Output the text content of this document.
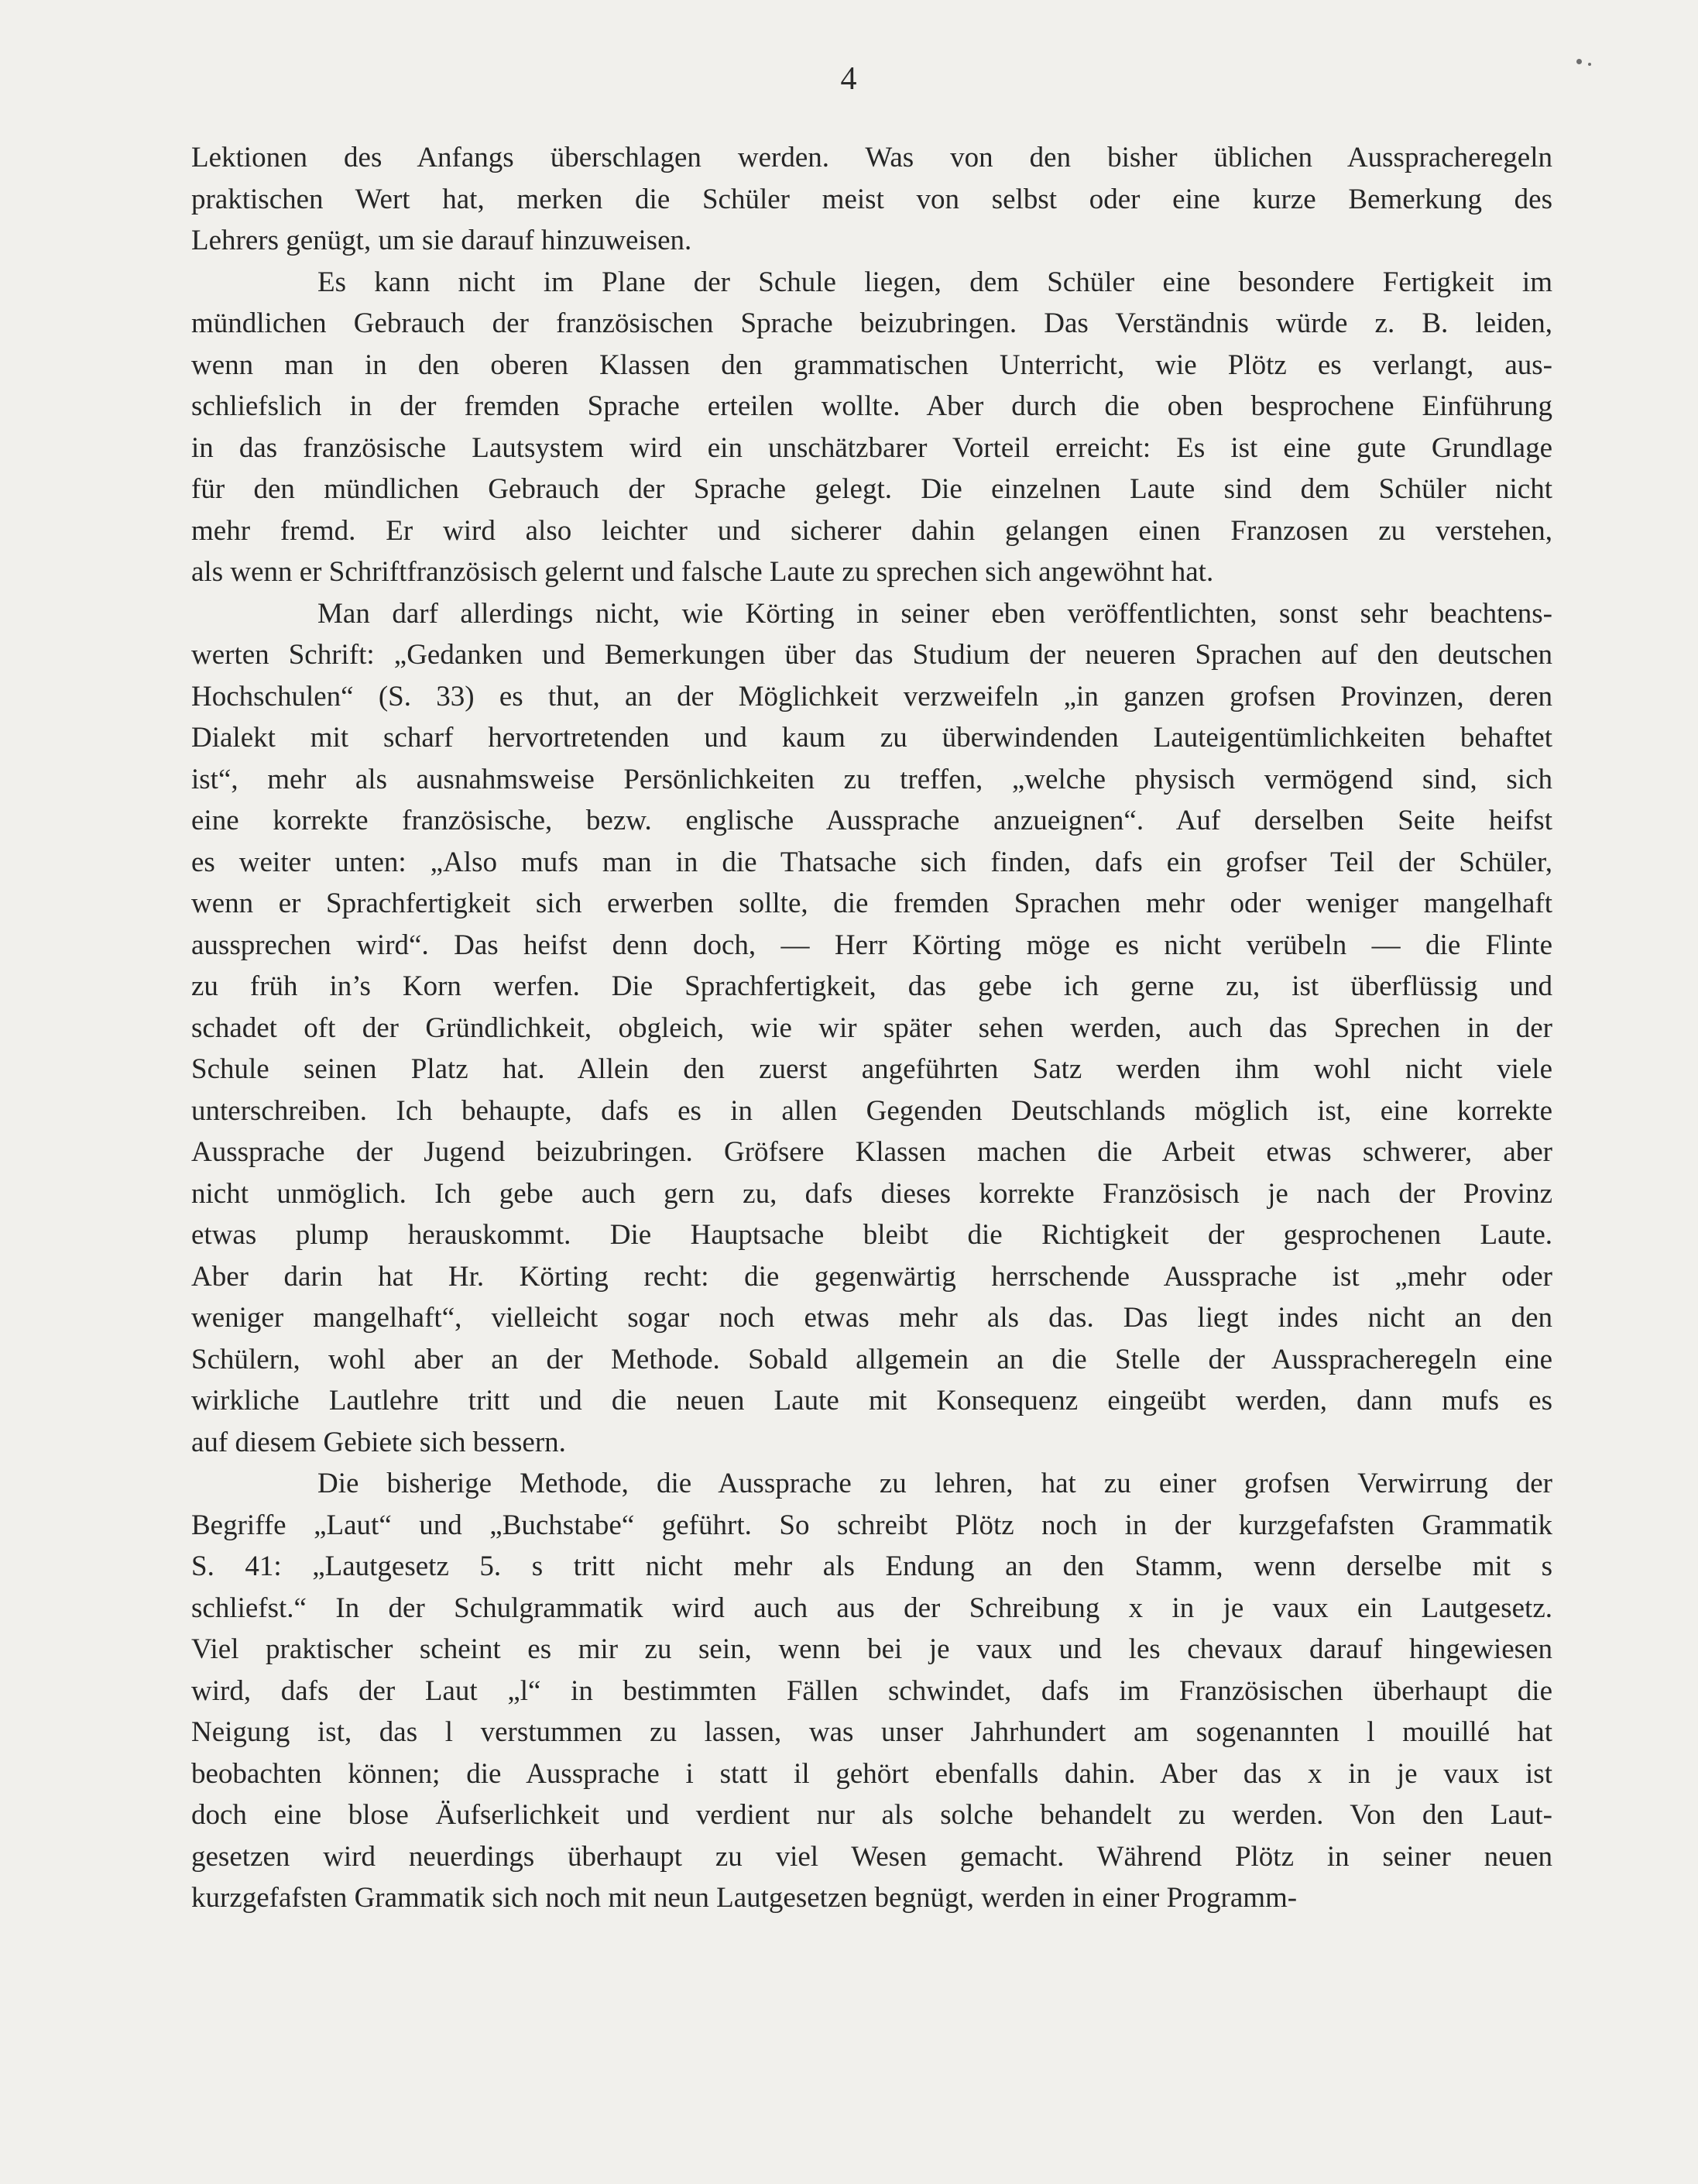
4
Lektionen des Anfangs überschlagen werden. Was von den bisher üblichen Ausspracheregeln
praktischen Wert hat, merken die Schüler meist von selbst oder eine kurze Bemerkung des
Lehrers genügt, um sie darauf hinzuweisen.
Es kann nicht im Plane der Schule liegen, dem Schüler eine besondere Fertigkeit im
mündlichen Gebrauch der französischen Sprache beizubringen. Das Verständnis würde z. B. leiden,
wenn man in den oberen Klassen den grammatischen Unterricht, wie Plötz es verlangt, aus-
schliefslich in der fremden Sprache erteilen wollte. Aber durch die oben besprochene Einführung
in das französische Lautsystem wird ein unschätzbarer Vorteil erreicht: Es ist eine gute Grundlage
für den mündlichen Gebrauch der Sprache gelegt. Die einzelnen Laute sind dem Schüler nicht
mehr fremd. Er wird also leichter und sicherer dahin gelangen einen Franzosen zu verstehen,
als wenn er Schriftfranzösisch gelernt und falsche Laute zu sprechen sich angewöhnt hat.
Man darf allerdings nicht, wie Körting in seiner eben veröffentlichten, sonst sehr beachtens-
werten Schrift: „Gedanken und Bemerkungen über das Studium der neueren Sprachen auf den deutschen
Hochschulen“ (S. 33) es thut, an der Möglichkeit verzweifeln „in ganzen grofsen Provinzen, deren
Dialekt mit scharf hervortretenden und kaum zu überwindenden Lauteigentümlichkeiten behaftet
ist“, mehr als ausnahmsweise Persönlichkeiten zu treffen, „welche physisch vermögend sind, sich
eine korrekte französische, bezw. englische Aussprache anzueignen“. Auf derselben Seite heifst
es weiter unten: „Also mufs man in die Thatsache sich finden, dafs ein grofser Teil der Schüler,
wenn er Sprachfertigkeit sich erwerben sollte, die fremden Sprachen mehr oder weniger mangelhaft
aussprechen wird“. Das heifst denn doch, — Herr Körting möge es nicht verübeln — die Flinte
zu früh in’s Korn werfen. Die Sprachfertigkeit, das gebe ich gerne zu, ist überflüssig und
schadet oft der Gründlichkeit, obgleich, wie wir später sehen werden, auch das Sprechen in der
Schule seinen Platz hat. Allein den zuerst angeführten Satz werden ihm wohl nicht viele
unterschreiben. Ich behaupte, dafs es in allen Gegenden Deutschlands möglich ist, eine korrekte
Aussprache der Jugend beizubringen. Gröfsere Klassen machen die Arbeit etwas schwerer, aber
nicht unmöglich. Ich gebe auch gern zu, dafs dieses korrekte Französisch je nach der Provinz
etwas plump herauskommt. Die Hauptsache bleibt die Richtigkeit der gesprochenen Laute.
Aber darin hat Hr. Körting recht: die gegenwärtig herrschende Aussprache ist „mehr oder
weniger mangelhaft“, vielleicht sogar noch etwas mehr als das. Das liegt indes nicht an den
Schülern, wohl aber an der Methode. Sobald allgemein an die Stelle der Ausspracheregeln eine
wirkliche Lautlehre tritt und die neuen Laute mit Konsequenz eingeübt werden, dann mufs es
auf diesem Gebiete sich bessern.
Die bisherige Methode, die Aussprache zu lehren, hat zu einer grofsen Verwirrung der
Begriffe „Laut“ und „Buchstabe“ geführt. So schreibt Plötz noch in der kurzgefafsten Grammatik
S. 41: „Lautgesetz 5. s tritt nicht mehr als Endung an den Stamm, wenn derselbe mit s
schliefst.“ In der Schulgrammatik wird auch aus der Schreibung x in je vaux ein Lautgesetz.
Viel praktischer scheint es mir zu sein, wenn bei je vaux und les chevaux darauf hingewiesen
wird, dafs der Laut „l“ in bestimmten Fällen schwindet, dafs im Französischen überhaupt die
Neigung ist, das l verstummen zu lassen, was unser Jahrhundert am sogenannten l mouillé hat
beobachten können; die Aussprache i statt il gehört ebenfalls dahin. Aber das x in je vaux ist
doch eine blose Äufserlichkeit und verdient nur als solche behandelt zu werden. Von den Laut-
gesetzen wird neuerdings überhaupt zu viel Wesen gemacht. Während Plötz in seiner neuen
kurzgefafsten Grammatik sich noch mit neun Lautgesetzen begnügt, werden in einer Programm-
